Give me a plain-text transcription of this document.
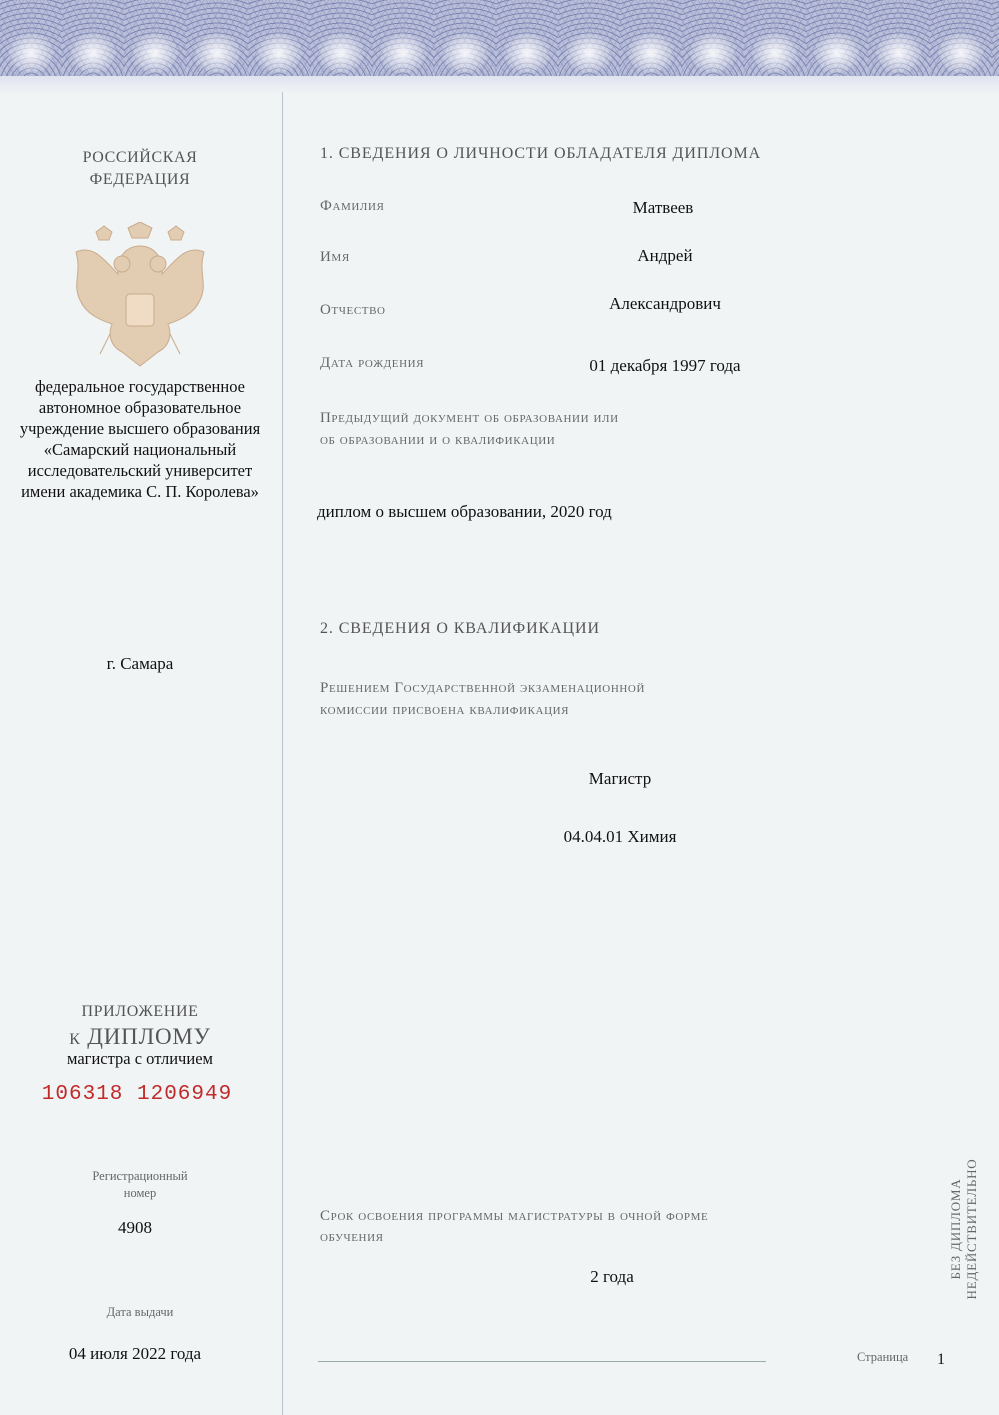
РОССИЙСКАЯ
ФЕДЕРАЦИЯ
федеральное государственное
автономное образовательное
учреждение высшего образования
«Самарский национальный
исследовательский университет
имени академика С. П. Королева»
г. Самара
ПРИЛОЖЕНИЕ
к ДИПЛОМУ
магистра с отличием
106318 1206949
Регистрационный
номер
4908
Дата выдачи
04 июля 2022 года
1. СВЕДЕНИЯ О ЛИЧНОСТИ ОБЛАДАТЕЛЯ ДИПЛОМА
Фамилия	Матвеев
Имя	Андрей
Отчество	Александрович
Дата рождения	01 декабря 1997 года
Предыдущий документ об образовании или
об образовании и о квалификации
диплом о высшем образовании, 2020 год
2. СВЕДЕНИЯ О КВАЛИФИКАЦИИ
Решением Государственной экзаменационной
комиссии присвоена квалификация
Магистр
04.04.01 Химия
Срок освоения программы магистратуры в очной форме
обучения
2 года
Страница 1
БЕЗ ДИПЛОМА НЕДЕЙСТВИТЕЛЬНО
